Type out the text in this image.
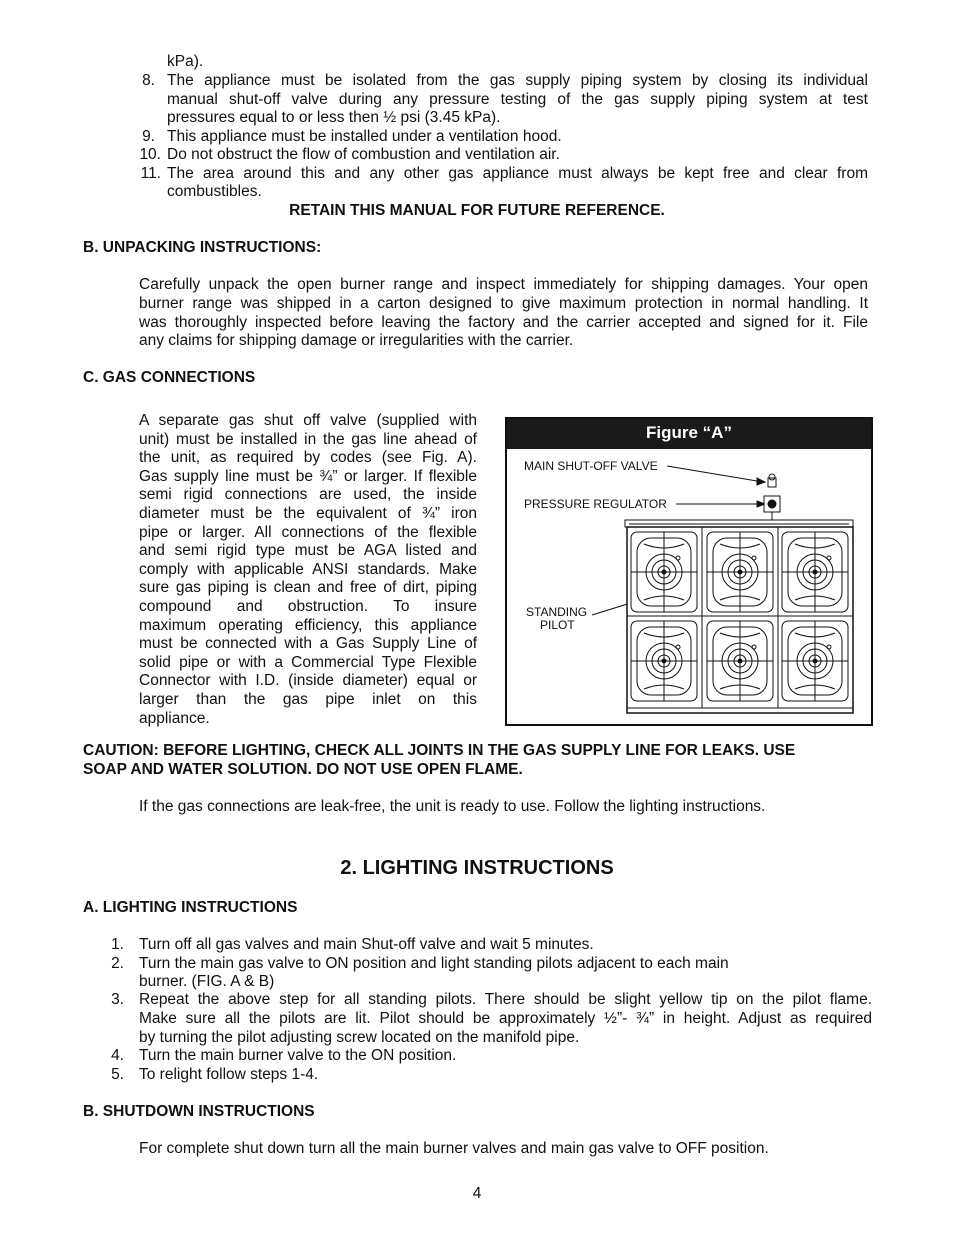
kPa).
8. The appliance must be isolated from the gas supply piping system by closing its individual
manual shut-off valve during any pressure testing of the gas supply piping system at test
pressures equal to or less then ½ psi (3.45 kPa).
9. This appliance must be installed under a ventilation hood.
10. Do not obstruct the flow of combustion and ventilation air.
11. The area around this and any other gas appliance must always be kept free and clear from
combustibles.
RETAIN THIS MANUAL FOR FUTURE REFERENCE.
B. UNPACKING INSTRUCTIONS:
Carefully unpack the open burner range and inspect immediately for shipping damages. Your open
burner range was shipped in a carton designed to give maximum protection in normal handling. It
was thoroughly inspected before leaving the factory and the carrier accepted and signed for it. File
any claims for shipping damage or irregularities with the carrier.
C. GAS CONNECTIONS
A separate gas shut off valve (supplied with
unit) must be installed in the gas line ahead of
the unit, as required by codes (see Fig. A).
Gas supply line must be ¾” or larger. If flexible
semi rigid connections are used, the inside
diameter must be the equivalent of ¾” iron
pipe or larger. All connections of the flexible
and semi rigid type must be AGA listed and
comply with applicable ANSI standards. Make
sure gas piping is clean and free of dirt, piping
compound and obstruction. To insure
maximum operating efficiency, this appliance
must be connected with a Gas Supply Line of
solid pipe or with a Commercial Type Flexible
Connector with I.D. (inside diameter) equal or
larger than the gas pipe inlet on this
appliance.
Figure “A”
MAIN SHUT-OFF VALVE
PRESSURE REGULATOR
STANDING
PILOT
CAUTION: BEFORE LIGHTING, CHECK ALL JOINTS IN THE GAS SUPPLY LINE FOR LEAKS. USE
SOAP AND WATER SOLUTION. DO NOT USE OPEN FLAME.
If the gas connections are leak-free, the unit is ready to use. Follow the lighting instructions.
2. LIGHTING INSTRUCTIONS
A. LIGHTING INSTRUCTIONS
1. Turn off all gas valves and main Shut-off valve and wait 5 minutes.
2. Turn the main gas valve to ON position and light standing pilots adjacent to each main
burner. (FIG. A & B)
3. Repeat the above step for all standing pilots. There should be slight yellow tip on the pilot flame.
Make sure all the pilots are lit. Pilot should be approximately ½”- ¾” in height. Adjust as required
by turning the pilot adjusting screw located on the manifold pipe.
4. Turn the main burner valve to the ON position.
5. To relight follow steps 1-4.
B. SHUTDOWN INSTRUCTIONS
For complete shut down turn all the main burner valves and main gas valve to OFF position.
4
